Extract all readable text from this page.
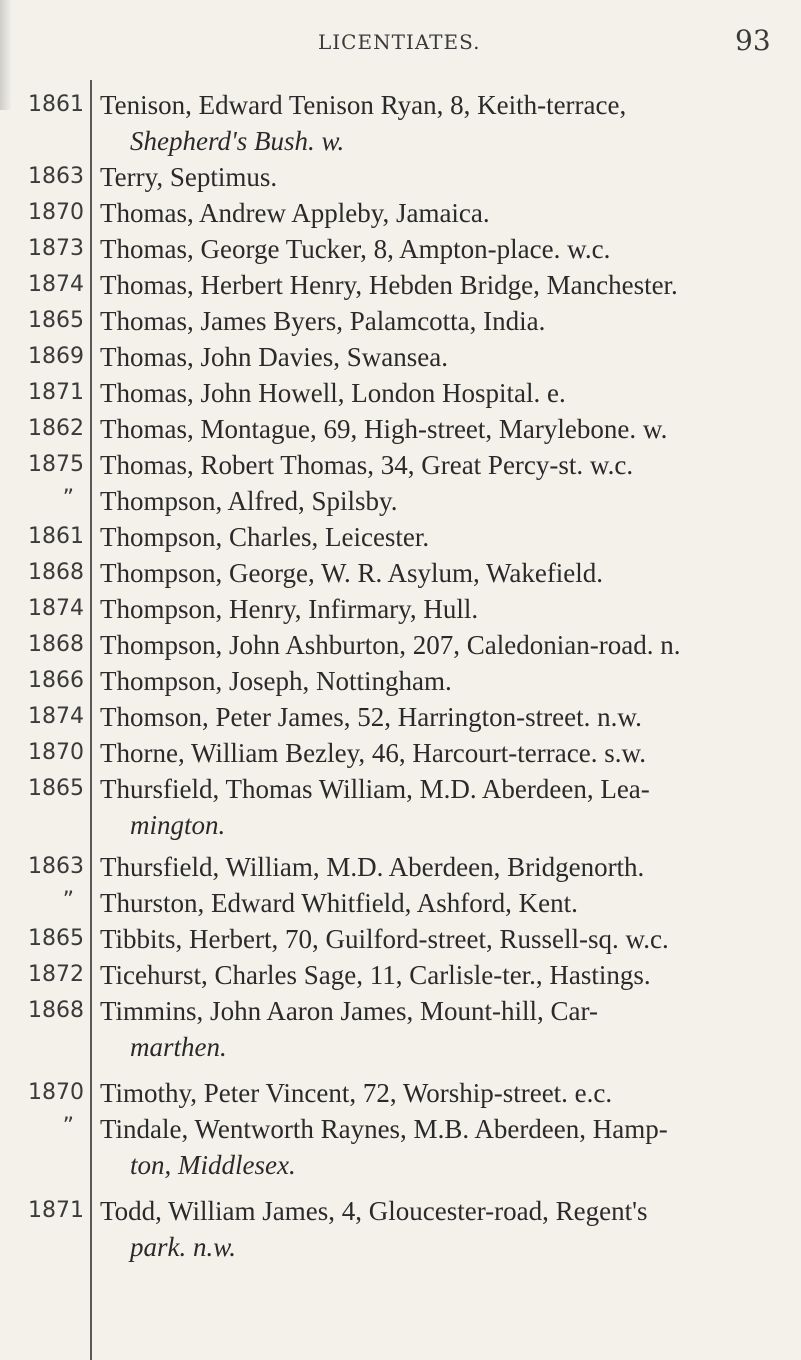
LICENTIATES.	93
1861 Tenison, Edward Tenison Ryan, 8, Keith-terrace,
Shepherd's Bush. w.
1863 Terry, Septimus.
1870 Thomas, Andrew Appleby, Jamaica.
1873 Thomas, George Tucker, 8, Ampton-place. w.c.
1874 Thomas, Herbert Henry, Hebden Bridge, Manchester.
1865 Thomas, James Byers, Palamcotta, India.
1869 Thomas, John Davies, Swansea.
1871 Thomas, John Howell, London Hospital. e.
1862 Thomas, Montague, 69, High-street, Marylebone. w.
1875 Thomas, Robert Thomas, 34, Great Percy-st. w.c.
” Thompson, Alfred, Spilsby.
1861 Thompson, Charles, Leicester.
1868 Thompson, George, W. R. Asylum, Wakefield.
1874 Thompson, Henry, Infirmary, Hull.
1868 Thompson, John Ashburton, 207, Caledonian-road. n.
1866 Thompson, Joseph, Nottingham.
1874 Thomson, Peter James, 52, Harrington-street. n.w.
1870 Thorne, William Bezley, 46, Harcourt-terrace. s.w.
1865 Thursfield, Thomas William, M.D. Aberdeen, Lea-
mington.
1863 Thursfield, William, M.D. Aberdeen, Bridgenorth.
” Thurston, Edward Whitfield, Ashford, Kent.
1865 Tibbits, Herbert, 70, Guilford-street, Russell-sq. w.c.
1872 Ticehurst, Charles Sage, 11, Carlisle-ter., Hastings.
1868 Timmins, John Aaron James, Mount-hill, Car-
marthen.
1870 Timothy, Peter Vincent, 72, Worship-street. e.c.
” Tindale, Wentworth Raynes, M.B. Aberdeen, Hamp-
ton, Middlesex.
1871 Todd, William James, 4, Gloucester-road, Regent's
park. n.w.
